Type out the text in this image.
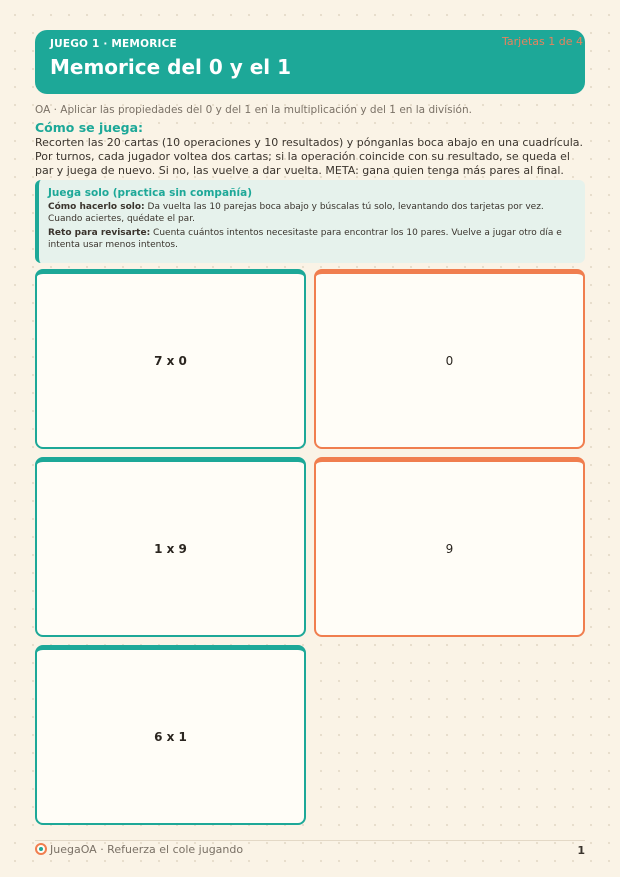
JUEGO 1 · MEMORICE
Memorice del 0 y el 1
Tarjetas 1 de 4
OA · Aplicar las propiedades del 0 y del 1 en la multiplicación y del 1 en la división.
Cómo se juega:
Recorten las 20 cartas (10 operaciones y 10 resultados) y pónganlas boca abajo en una cuadrícula. Por turnos, cada jugador voltea dos cartas; si la operación coincide con su resultado, se queda el par y juega de nuevo. Si no, las vuelve a dar vuelta. META: gana quien tenga más pares al final.
Juega solo (practica sin compañía)

Cómo hacerlo solo: Da vuelta las 10 parejas boca abajo y búscalas tú solo, levantando dos tarjetas por vez. Cuando aciertes, quédate el par.

Reto para revisarte: Cuenta cuántos intentos necesitaste para encontrar los 10 pares. Vuelve a jugar otro día e intenta usar menos intentos.

7 x 0	0
1 x 9	9
6 x 1
JuegaOA · Refuerza el cole jugando	1
